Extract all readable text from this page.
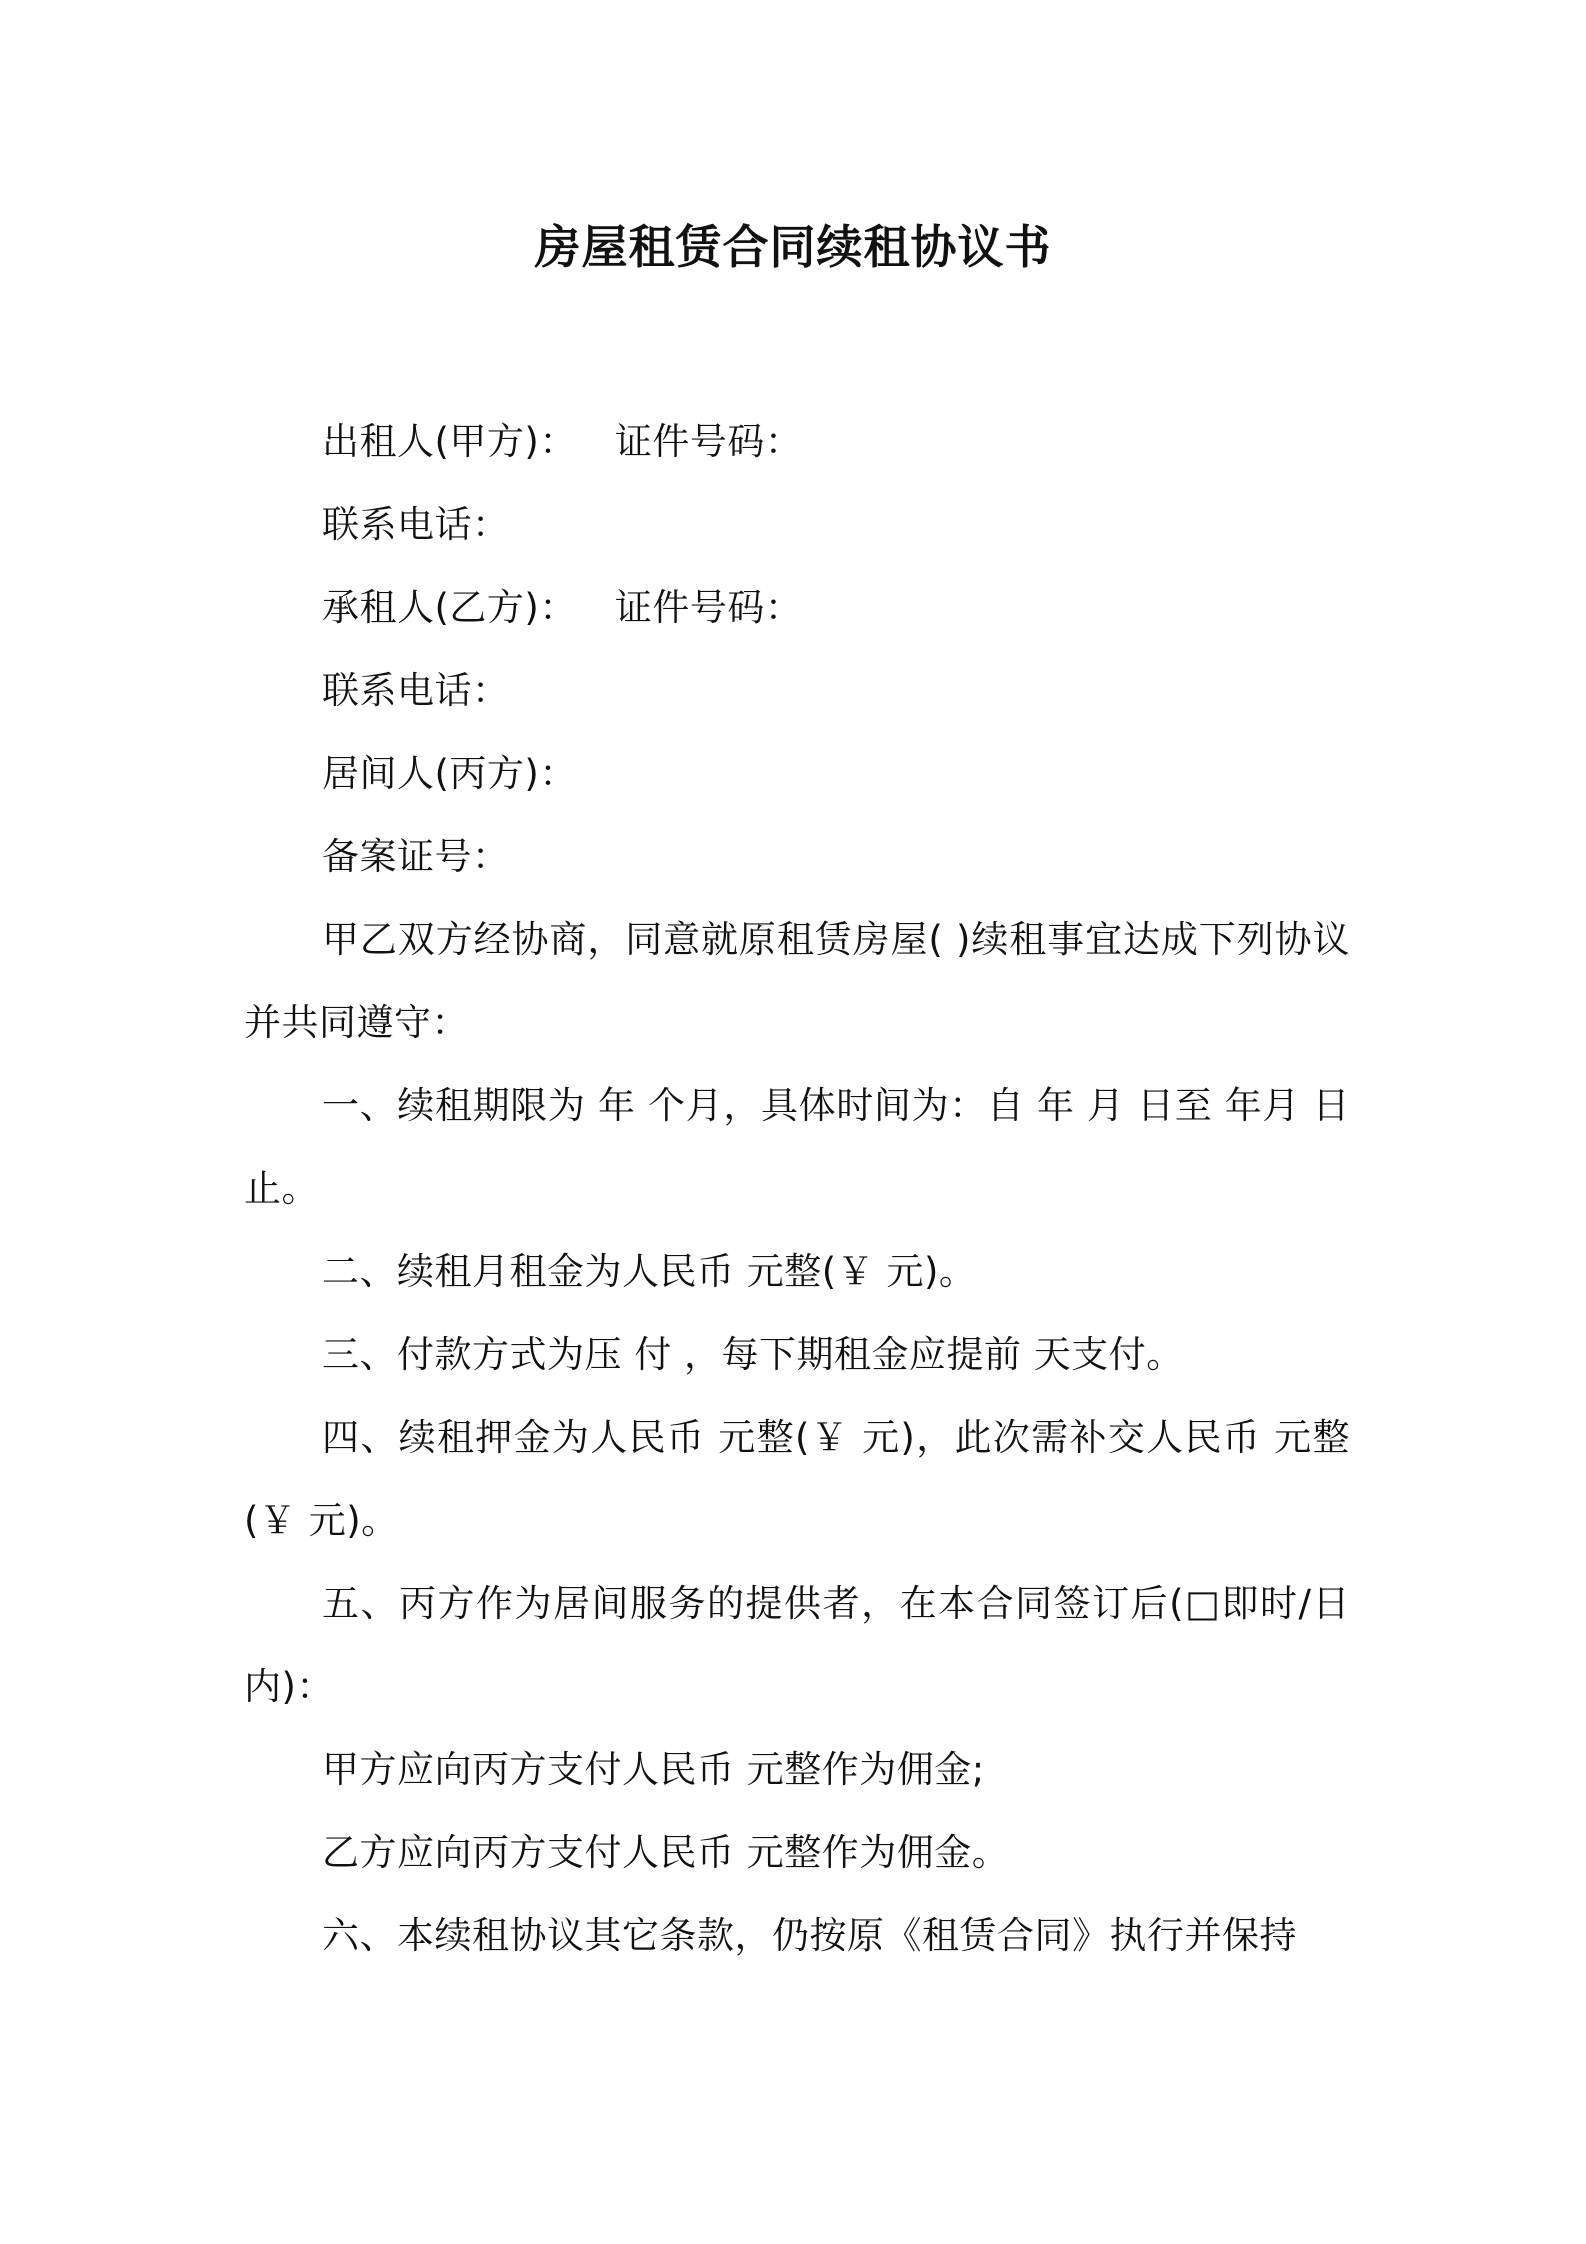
房屋租赁合同续租协议书
出租人(甲方)： 证件号码：
联系电话：
承租人(乙方)： 证件号码：
联系电话：
居间人(丙方)：
备案证号：

甲乙双方经协商，同意就原租赁房屋( )续租事宜达成下列协议并共同遵守：

一、续租期限为 年 个月，具体时间为：自 年 月 日至 年月 日止。

二、续租月租金为人民币 元整(￥ 元)。

三、付款方式为压 付 ，每下期租金应提前 天支付。

四、续租押金为人民币 元整(￥ 元)，此次需补交人民币 元整(￥ 元)。

五、丙方作为居间服务的提供者，在本合同签订后(□即时/日内)：

甲方应向丙方支付人民币 元整作为佣金;

乙方应向丙方支付人民币 元整作为佣金。

六、本续租协议其它条款，仍按原《租赁合同》执行并保持
